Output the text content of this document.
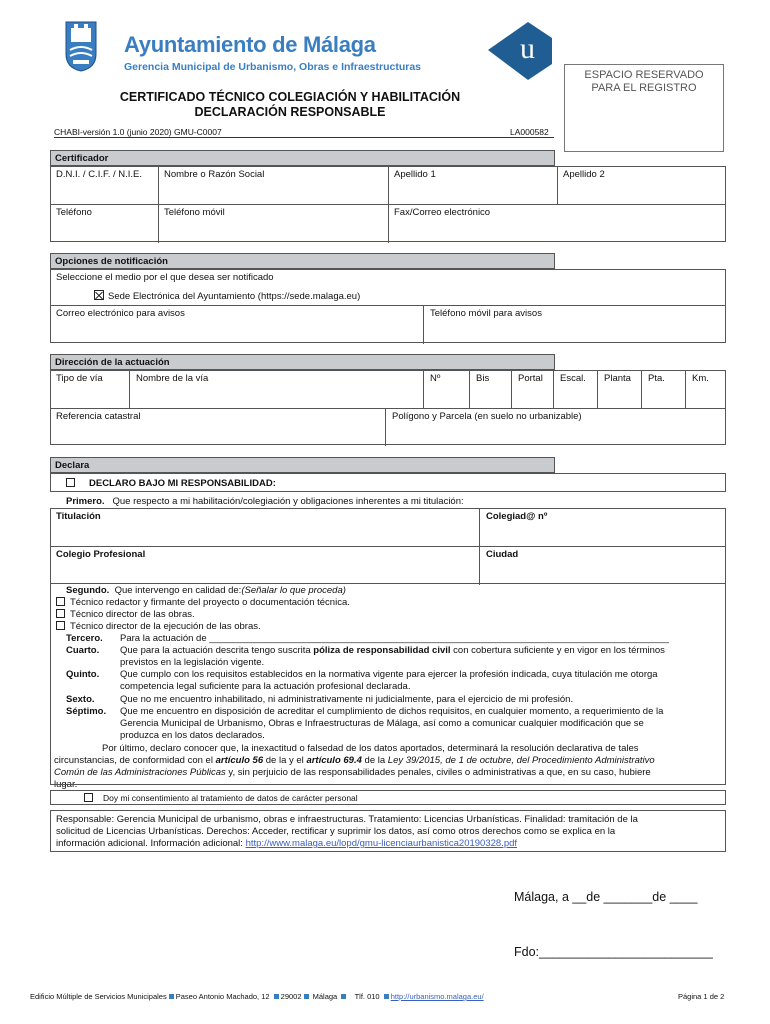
Ayuntamiento de Málaga
Gerencia Municipal de Urbanismo, Obras e Infraestructuras
u
ESPACIO RESERVADO PARA EL REGISTRO
CERTIFICADO TÉCNICO COLEGIACIÓN Y HABILITACIÓN
DECLARACIÓN RESPONSABLE
CHABI-versión 1.0 (junio 2020) GMU-C0007	LA000582
Certificador
D.N.I. / C.I.F. / N.I.E.	Nombre o Razón Social	Apellido 1	Apellido 2
Teléfono	Teléfono móvil	Fax/Correo electrónico
Opciones de notificación
Seleccione el medio por el que desea ser notificado
Sede Electrónica del Ayuntamiento (https://sede.malaga.eu)
Correo electrónico para avisos	Teléfono móvil para avisos
Dirección de la actuación
Tipo de vía	Nombre de la vía	Nº	Bis	Portal	Escal.	Planta	Pta.	Km.
Referencia catastral	Polígono y Parcela (en suelo no urbanizable)
Declara
DECLARO BAJO MI RESPONSABILIDAD:
Primero. Que respecto a mi habilitación/colegiación y obligaciones inherentes a mi titulación:
Titulación	Colegiad@ nº
Colegio Profesional	Ciudad
Segundo. Que intervengo en calidad de:(Señalar lo que proceda)
Técnico redactor y firmante del proyecto o documentación técnica.
Técnico director de las obras.
Técnico director de la ejecución de las obras.
Tercero. Para la actuación de _______________________________________________________________________________________
Cuarto. Que para la actuación descrita tengo suscrita póliza de responsabilidad civil con cobertura suficiente y en vigor en los términos
previstos en la legislación vigente.
Quinto. Que cumplo con los requisitos establecidos en la normativa vigente para ejercer la profesión indicada, cuya titulación me otorga
competencia legal suficiente para la actuación profesional declarada.
Sexto.	Que no me encuentro inhabilitado, ni administrativamente ni judicialmente, para el ejercicio de mi profesión.
Séptimo. Que me encuentro en disposición de acreditar el cumplimiento de dichos requisitos, en cualquier momento, a requerimiento de la
Gerencia Municipal de Urbanismo, Obras e Infraestructuras de Málaga, así como a comunicar cualquier modificación que se
produzca en los datos declarados.
Por último, declaro conocer que, la inexactitud o falsedad de los datos aportados, determinará la resolución declarativa de tales
circunstancias, de conformidad con el artículo 56 de la y el artículo 69.4 de la Ley 39/2015, de 1 de octubre, del Procedimiento Administrativo
Común de las Administraciones Públicas y, sin perjuicio de las responsabilidades penales, civiles o administrativas a que, en su caso, hubiere
Doy mi consentimiento al tratamiento de datos de carácter personal
Responsable: Gerencia Municipal de urbanismo, obras e infraestructuras. Tratamiento: Licencias Urbanísticas. Finalidad: tramitación de la
solicitud de Licencias Urbanísticas. Derechos: Acceder, rectificar y suprimir los datos, así como otros derechos como se explica en la
información adicional. Información adicional: http://www.malaga.eu/lopd/gmu-licenciaurbanistica20190328.pdf
Málaga, a __de _______de ____
Fdo:_________________________
Edificio Múltiple de Servicios Municipales Paseo Antonio Machado, 12 29002 Málaga Tlf. 010 http://urbanismo.malaga.eu/	Página 1 de 2
